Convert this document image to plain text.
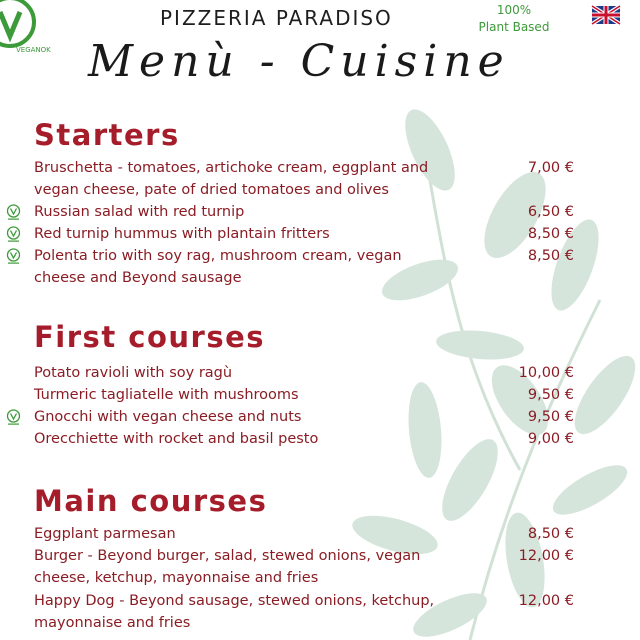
VEGANOK
PIZZERIA PARADISO	100%
Plant Based
Menù - Cuisine
Starters
Bruschetta - tomatoes, artichoke cream, eggplant and	7,00 €
vegan cheese, pate of dried tomatoes and olives
Russian salad with red turnip	6,50 €
Red turnip hummus with plantain fritters	8,50 €
Polenta trio with soy rag, mushroom cream, vegan	8,50 €
cheese and Beyond sausage
First courses
Potato ravioli with soy ragù	10,00 €
Turmeric tagliatelle with mushrooms	9,50 €
Gnocchi with vegan cheese and nuts	9,50 €
Orecchiette with rocket and basil pesto	9,00 €
Main courses
Eggplant parmesan	8,50 €
Burger - Beyond burger, salad, stewed onions, vegan	12,00 €
cheese, ketchup, mayonnaise and fries
Happy Dog - Beyond sausage, stewed onions, ketchup,	12,00 €
mayonnaise and fries
